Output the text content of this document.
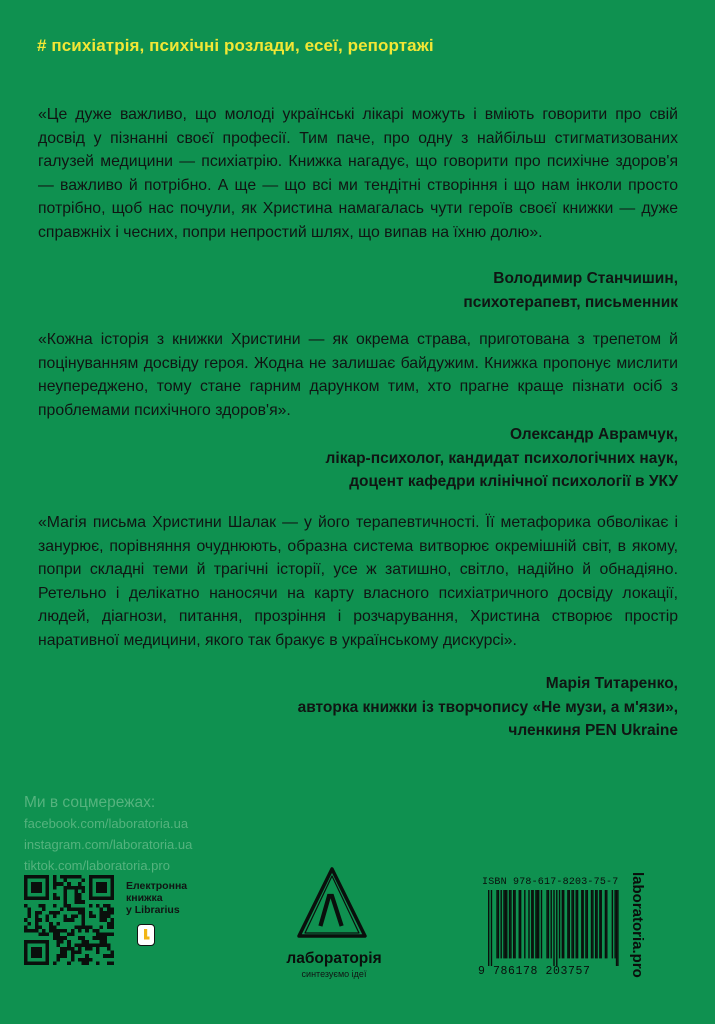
# психіатрія, психічні розлади, есеї, репортажі

«Це дуже важливо, що молоді українські лікарі можуть і вміють говорити про свій досвід у пізнанні своєї професії. Тим паче, про одну з найбільш стигматизованих галузей медицини — психіатрію. Книжка нагадує, що говорити про психічне здоров'я — важливо й потрібно. А ще — що всі ми тендітні створіння і що нам інколи просто потрібно, щоб нас почули, як Христина намагалась чути героїв своєї книжки — дуже справжніх і чесних, попри непростий шлях, що випав на їхню долю».

Володимир Станчишин,
психотерапевт, письменник

«Кожна історія з книжки Христини — як окрема страва, приготована з трепетом й поцінуванням досвіду героя. Жодна не залишає байдужим. Книжка пропонує мислити неупереджено, тому стане гарним дарунком тим, хто прагне краще пізнати осіб з проблемами психічного здоров'я».

Олександр Аврамчук,
лікар-психолог, кандидат психологічних наук,
доцент кафедри клінічної психології в УКУ

«Магія письма Христини Шалак — у його терапевтичності. Її метафорика обволікає і занурює, порівняння очуднюють, образна система витворює окремішній світ, в якому, попри складні теми й трагічні історії, усе ж затишно, світло, надійно й обнадіяно. Ретельно і делікатно наносячи на карту власного психіатричного досвіду локації, людей, діагнози, питання, прозріння і розчарування, Христина створює простір наративної медицини, якого так бракує в українському дискурсі».

Марія Титаренко,
авторка книжки із творчопису «Не музи, а м'язи»,
членкиня PEN Ukraine
Ми в соцмережах:
facebook.com/laboratoria.ua
instagram.com/laboratoria.ua
tiktok.com/laboratoria.pro
Електронна
книжка
у Librarius
лабораторія
синтезуємо ідеї
ISBN 978-617-8203-75-7
9 786178 203757	laboratoria.pro
